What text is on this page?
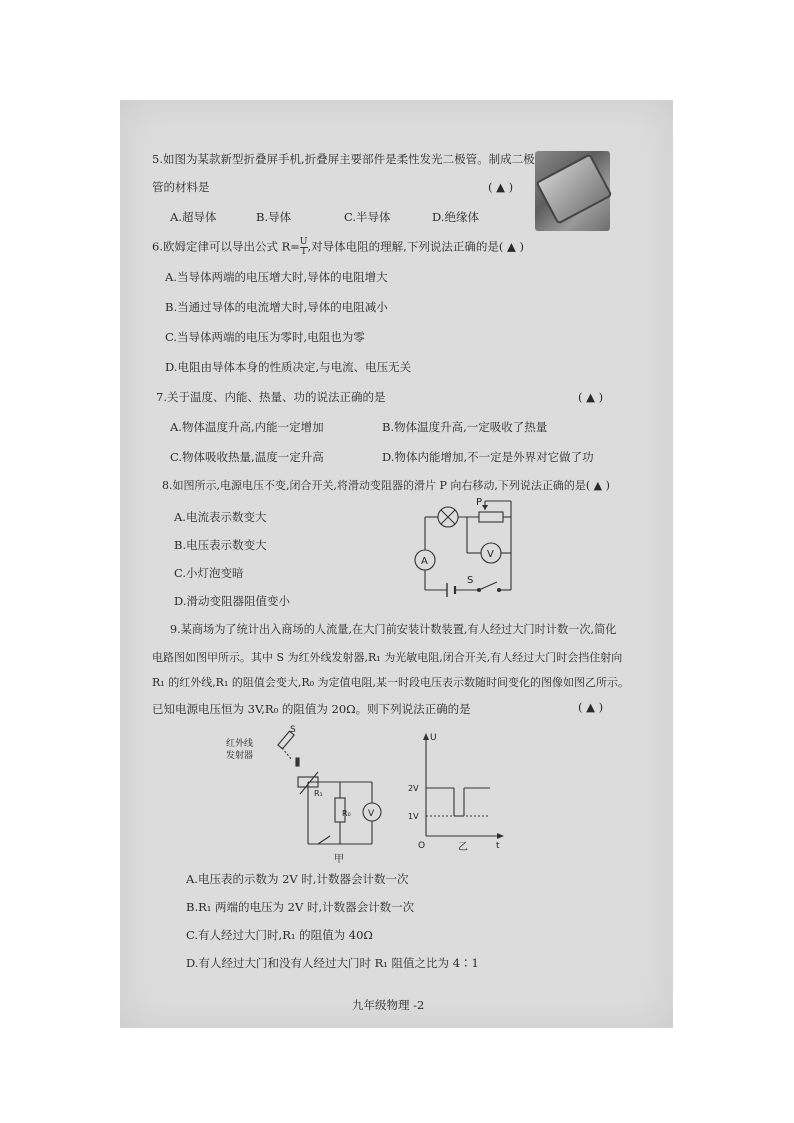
5.如图为某款新型折叠屏手机,折叠屏主要部件是柔性发光二极管。制成二极
管的材料是	( ▲ )
A.超导体	B.导体	C.半导体	D.绝缘体
6.欧姆定律可以导出公式 $R= \frac{U}{I}$ ,对导体电阻的理解,下列说法正确的是( ▲ )
A.当导体两端的电压增大时,导体的电阻增大
B.当通过导体的电流增大时,导体的电阻减小
C.当导体两端的电压为零时,电阻也为零
D.电阻由导体本身的性质决定,与电流、电压无关
7.关于温度、内能、热量、功的说法正确的是	( ▲ )
A.物体温度升高,内能一定增加	B.物体温度升高,一定吸收了热量
C.物体吸收热量,温度一定升高	D.物体内能增加,不一定是外界对它做了功
8.如图所示,电源电压不变,闭合开关,将滑动变阻器的滑片 P 向右移动,下列说法正确的是( ▲ )
A.电流表示数变大
B.电压表示数变大
C.小灯泡变暗
D.滑动变阻器阻值变小
P
A
V
S
9.某商场为了统计出入商场的人流量,在大门前安装计数装置,有人经过大门时计数一次,简化
电路图如图甲所示。其中 S 为红外线发射器,R₁ 为光敏电阻,闭合开关,有人经过大门时会挡住射向
R₁ 的红外线,R₁ 的阻值会变大,R₀ 为定值电阻,某一时段电压表示数随时间变化的图像如图乙所示。
已知电源电压恒为 3V,R₀ 的阻值为 20Ω。则下列说法正确的是	( ▲ )
S
红外线
发射器
R₁
R₀ V
甲
U
t
O
2V
1V
乙
A.电压表的示数为 2V 时,计数器会计数一次
B.R₁ 两端的电压为 2V 时,计数器会计数一次
C.有人经过大门时,R₁ 的阻值为 40Ω
D.有人经过大门和没有人经过大门时 R₁ 阻值之比为 4∶1
九年级物理 -2
